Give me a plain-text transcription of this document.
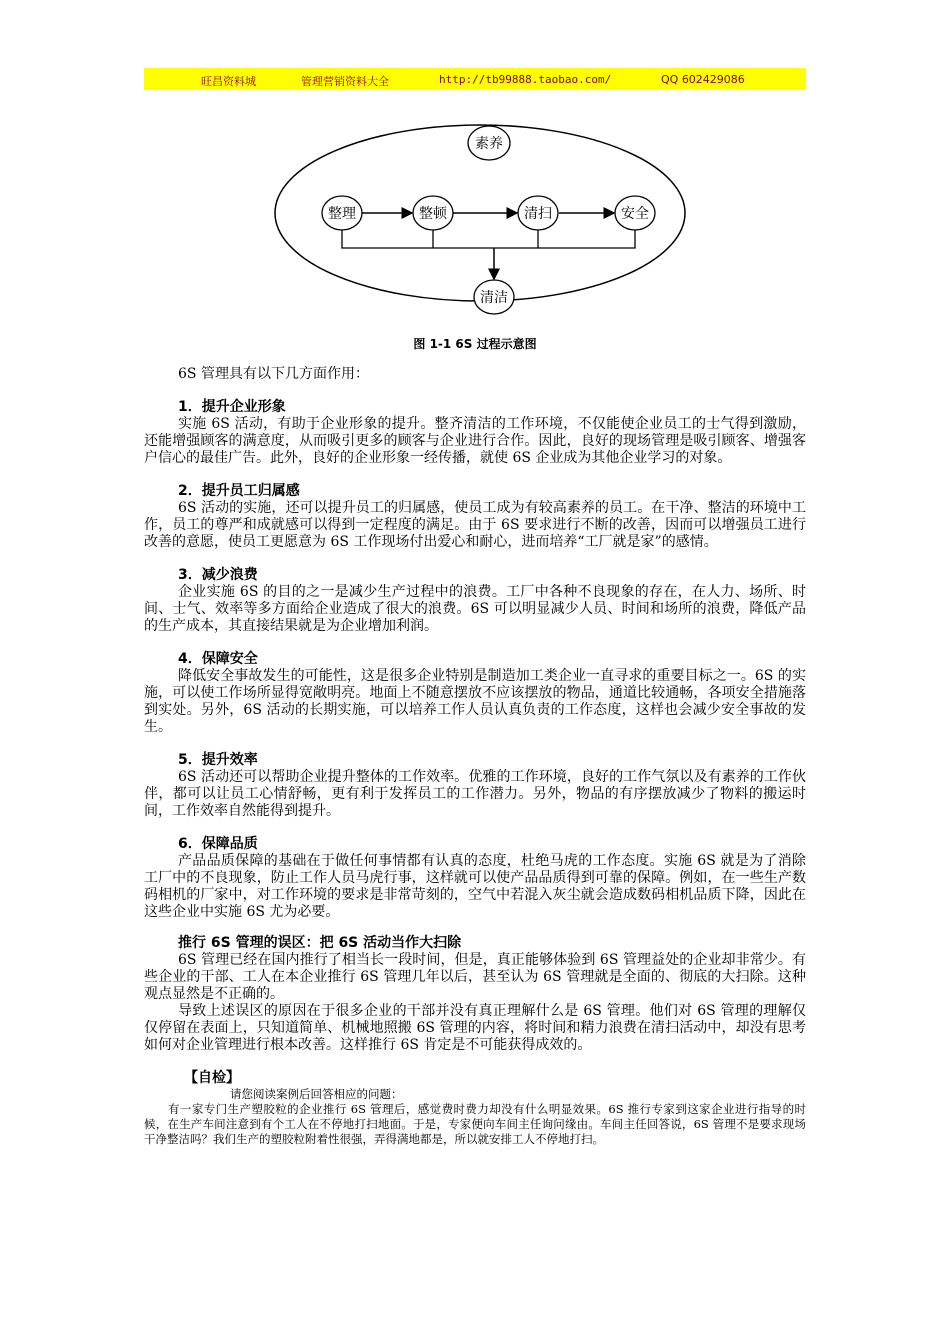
旺昌资料城	管理营销资料大全	http://tb99888.taobao.com/	QQ 602429086
素养
整理	整顿	清扫	安全
清洁
图 1-1 6S 过程示意图

6S 管理具有以下几方面作用：

1．提升企业形象

实施 6S 活动，有助于企业形象的提升。整齐清洁的工作环境，不仅能使企业员工的士气得到激励，还能增强顾客的满意度，从而吸引更多的顾客与企业进行合作。因此，良好的现场管理是吸引顾客、增强客户信心的最佳广告。此外，良好的企业形象一经传播，就使 6S 企业成为其他企业学习的对象。

2．提升员工归属感

6S 活动的实施，还可以提升员工的归属感，使员工成为有较高素养的员工。在干净、整洁的环境中工作，员工的尊严和成就感可以得到一定程度的满足。由于 6S 要求进行不断的改善，因而可以增强员工进行改善的意愿，使员工更愿意为 6S 工作现场付出爱心和耐心，进而培养“工厂就是家”的感情。

3．减少浪费

企业实施 6S 的目的之一是减少生产过程中的浪费。工厂中各种不良现象的存在，在人力、场所、时间、士气、效率等多方面给企业造成了很大的浪费。6S 可以明显减少人员、时间和场所的浪费，降低产品的生产成本，其直接结果就是为企业增加利润。

4．保障安全

降低安全事故发生的可能性，这是很多企业特别是制造加工类企业一直寻求的重要目标之一。6S 的实施，可以使工作场所显得宽敞明亮。地面上不随意摆放不应该摆放的物品，通道比较通畅，各项安全措施落到实处。另外，6S 活动的长期实施，可以培养工作人员认真负责的工作态度，这样也会减少安全事故的发生。

5．提升效率

6S 活动还可以帮助企业提升整体的工作效率。优雅的工作环境，良好的工作气氛以及有素养的工作伙伴，都可以让员工心情舒畅，更有利于发挥员工的工作潜力。另外，物品的有序摆放减少了物料的搬运时间，工作效率自然能得到提升。

6．保障品质

产品品质保障的基础在于做任何事情都有认真的态度，杜绝马虎的工作态度。实施 6S 就是为了消除工厂中的不良现象，防止工作人员马虎行事，这样就可以使产品品质得到可靠的保障。例如，在一些生产数码相机的厂家中，对工作环境的要求是非常苛刻的，空气中若混入灰尘就会造成数码相机品质下降，因此在这些企业中实施 6S 尤为必要。

推行 6S 管理的误区：把 6S 活动当作大扫除

6S 管理已经在国内推行了相当长一段时间，但是，真正能够体验到 6S 管理益处的企业却非常少。有些企业的干部、工人在本企业推行 6S 管理几年以后，甚至认为 6S 管理就是全面的、彻底的大扫除。这种观点显然是不正确的。

导致上述误区的原因在于很多企业的干部并没有真正理解什么是 6S 管理。他们对 6S 管理的理解仅仅停留在表面上，只知道简单、机械地照搬 6S 管理的内容，将时间和精力浪费在清扫活动中，却没有思考如何对企业管理进行根本改善。这样推行 6S 肯定是不可能获得成效的。

【自检】

请您阅读案例后回答相应的问题：

有一家专门生产塑胶粒的企业推行 6S 管理后，感觉费时费力却没有什么明显效果。6S 推行专家到这家企业进行指导的时候，在生产车间注意到有个工人在不停地打扫地面。于是，专家便向车间主任询问缘由。车间主任回答说，6S 管理不是要求现场干净整洁吗？我们生产的塑胶粒附着性很强，弄得满地都是，所以就安排工人不停地打扫。
